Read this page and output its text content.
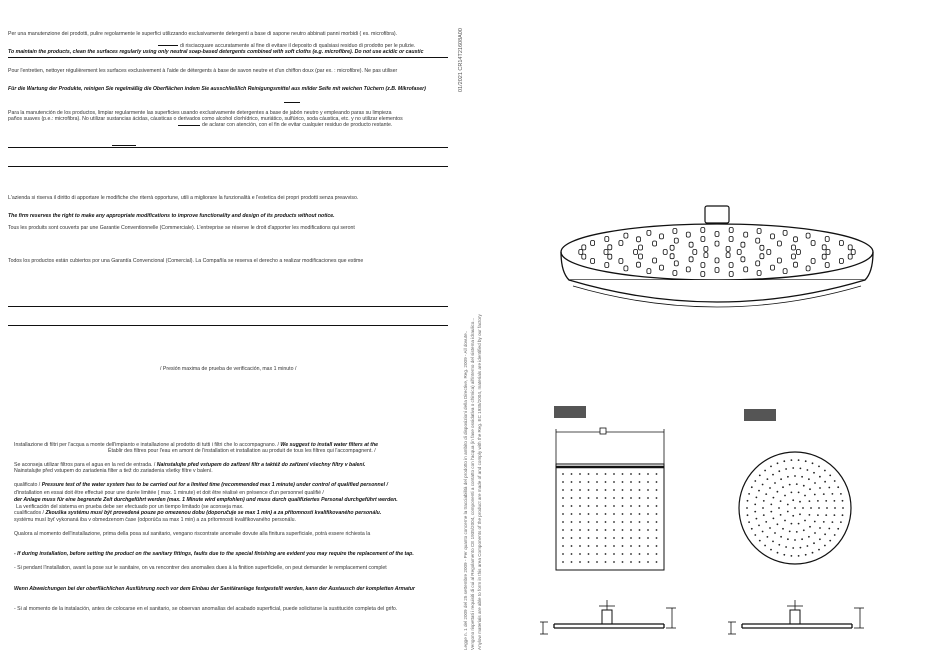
Per una manutenzione dei prodotti, pulire regolarmente le superfici utilizzando esclusivamente detergenti a base di sapone neutro abbinati panni morbidi ( es. microfibra).
di risciacquare accuratamente al fine di evitare il deposito di qualsiasi residuo di prodotto per le pulizie.
To maintain the products, clean the surfaces regularly using only neutral soap-based detergents combined with soft cloths (e.g. microfibre). Do not use acidic or caustic
Pour l'entretien, nettoyer régulièrement les surfaces exclusivement à l'aide de détergents à base de savon neutre et d'un chiffon doux (par ex. : microfibre). Ne pas utiliser
Für die Wartung der Produkte, reinigen Sie regelmäßig die Oberflächen indem Sie ausschließlich Reinigungsmittel aus milder Seife mit weichen Tüchern (z.B. Mikrofaser)
Para la manutención de los productos, limpiar regularmente las superficies usando exclusivamente detergentes a base de jabón neutro y empleando paras su limpieza
paños suaves (p.e.: microfibra). No utilizar sustancias ácidas, cáusticas o derivados como alcohol clorhídrico, muriático, sulfúrico, soda cáustica, etc. y no utilizar elementos
de aclarar con atención, con el fin de evitar cualquier residuo de producto restante.
L'azienda si riserva il diritto di apportare le modifiche che riterrà opportune, utili a migliorare la funzionalità e l'estetica dei propri prodotti senza preavviso.
The firm reserves the right to make any appropriate modifications to improve functionality and design of its products without notice.
Tous les produits sont couverts par une Garantie Conventionnelle (Commerciale). L'entreprise se réserve le droit d'apporter les modifications qui seront
Todos los productos están cubiertos por una Garantía Convencional (Comercial). La Compañía se reserva el derecho a realizar modificaciones que estime
/ Presión maxima de prueba de verificación, max 1 minuto /
Installazione di filtri per l'acqua a monte dell'impianto e installazione al prodotto di tutti i filtri che lo accompagnano. / We suggest to install water filters at the
Établir des filtres pour l'eau en amont de l'installation et installation au produit de tous les filtres qui l'accompagnent. /
Se aconseja utilizar filtros para el agua en la red de entrada. / Nainstalujte před vstupem do zařízení filtr a taktéž do zařízení všechny filtry v balení.
Nainstalujte před vstupem do zariadenia filter a tiež do zariadenia všetky filtre v balení.
qualificato / Pressure test of the water system has to be carried out for a limited time (recommended max 1 minute) under control of qualified personnel /
d'installation en essai doit être effectué pour une durée limitée ( max. 1 minute) et doit être réalisé en présence d'un personnel qualifié /
der Anlage muss für eine begrenzte Zeit durchgeführt werden (max. 1 Minute wird empfohlen) und muss durch qualifiziertes Personal durchgeführt werden.
La verificación del sistema en prueba debe ser efectuado por un tiempo limitado (se aconseja max.
cualificados / Zkouška systému musí být provedená pouze po omezenou dobu (doporučuje se max 1 min) a za přítomnosti kvalifikovaného personálu.
systému musí byť vykonaná iba v obmedzenom čase (odporúča sa max 1 min) a za prítomnosti kvalifikovaného personálu.
Qualora al momento dell'installazione, prima della posa sul sanitario, vengano riscontrate anomalie dovute alla finitura superficiale, potrà essere richiesta la
- If during installation, before setting the product on the sanitary fittings, faults due to the special finishing are evident you may require the replacement of the tap.
- Si pendant l'installation, avant la pose sur le sanitaire, on va rencontrer des anomalies dues à la finition superficielle, on peut demander le remplacement complet
Wenn Abweichungen bei der oberflächlichen Ausführung noch vor dem Einbau der Sanitäranlage festgestellt werden, kann der Austausch der kompletten Armatur
- Si al momento de la instalación, antes de colocarse en el sanitario, se observan anomalías del acabado superficial, puede solicitarse la sustitución completa del grifo.
01/2021 CR14T21608A00
Vengono rispettati i requisiti di cui al Regolamento CE 1935/2004, componenti a contatto con l'acqua (in fase ossidativa o chimica) all'interno del sistema idraulico... Anylow materials are able to form in this area Components of the product are made of and comply with the Reg. EC 1935/2004, materials are identified by our factory
Legge n. 1 del 2009 del 25 settembre 2009 - Per quanto concerne la tracciabilità del prodotto in ambito di disposizioni della Directive, Reg. 2009 - All dovute..
